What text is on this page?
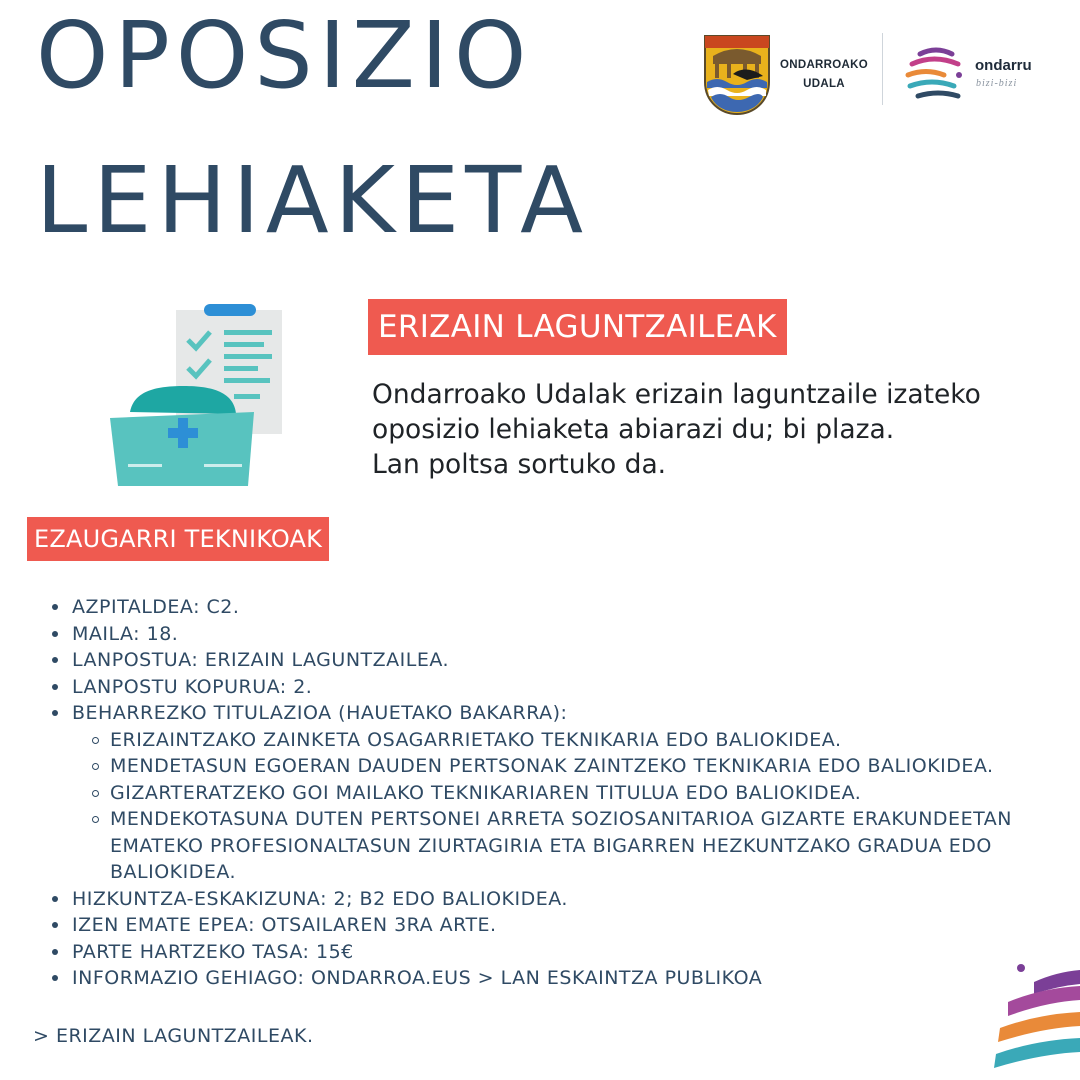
OPOSIZIO
LEHIAKETA
ONDARROAKO
UDALA
ondarru
bizi-bizi
ERIZAIN LAGUNTZAILEAK
Ondarroako Udalak erizain laguntzaile izateko
oposizio lehiaketa abiarazi du; bi plaza.
Lan poltsa sortuko da.
EZAUGARRI TEKNIKOAK
AZPITALDEA: C2.
MAILA: 18.
LANPOSTUA: ERIZAIN LAGUNTZAILEA.
LANPOSTU KOPURUA: 2.
BEHARREZKO TITULAZIOA (HAUETAKO BAKARRA):
ERIZAINTZAKO ZAINKETA OSAGARRIETAKO TEKNIKARIA EDO BALIOKIDEA.
MENDETASUN EGOERAN DAUDEN PERTSONAK ZAINTZEKO TEKNIKARIA EDO BALIOKIDEA.
GIZARTERATZEKO GOI MAILAKO TEKNIKARIAREN TITULUA EDO BALIOKIDEA.
MENDEKOTASUNA DUTEN PERTSONEI ARRETA SOZIOSANITARIOA GIZARTE ERAKUNDEETAN EMATEKO PROFESIONALTASUN ZIURTAGIRIA ETA BIGARREN HEZKUNTZAKO GRADUA EDO BALIOKIDEA.
HIZKUNTZA-ESKAKIZUNA: 2; B2 EDO BALIOKIDEA.
IZEN EMATE EPEA: OTSAILAREN 3RA ARTE.
PARTE HARTZEKO TASA: 15€
INFORMAZIO GEHIAGO: ONDARROA.EUS > LAN ESKAINTZA PUBLIKOA
> ERIZAIN LAGUNTZAILEAK.
